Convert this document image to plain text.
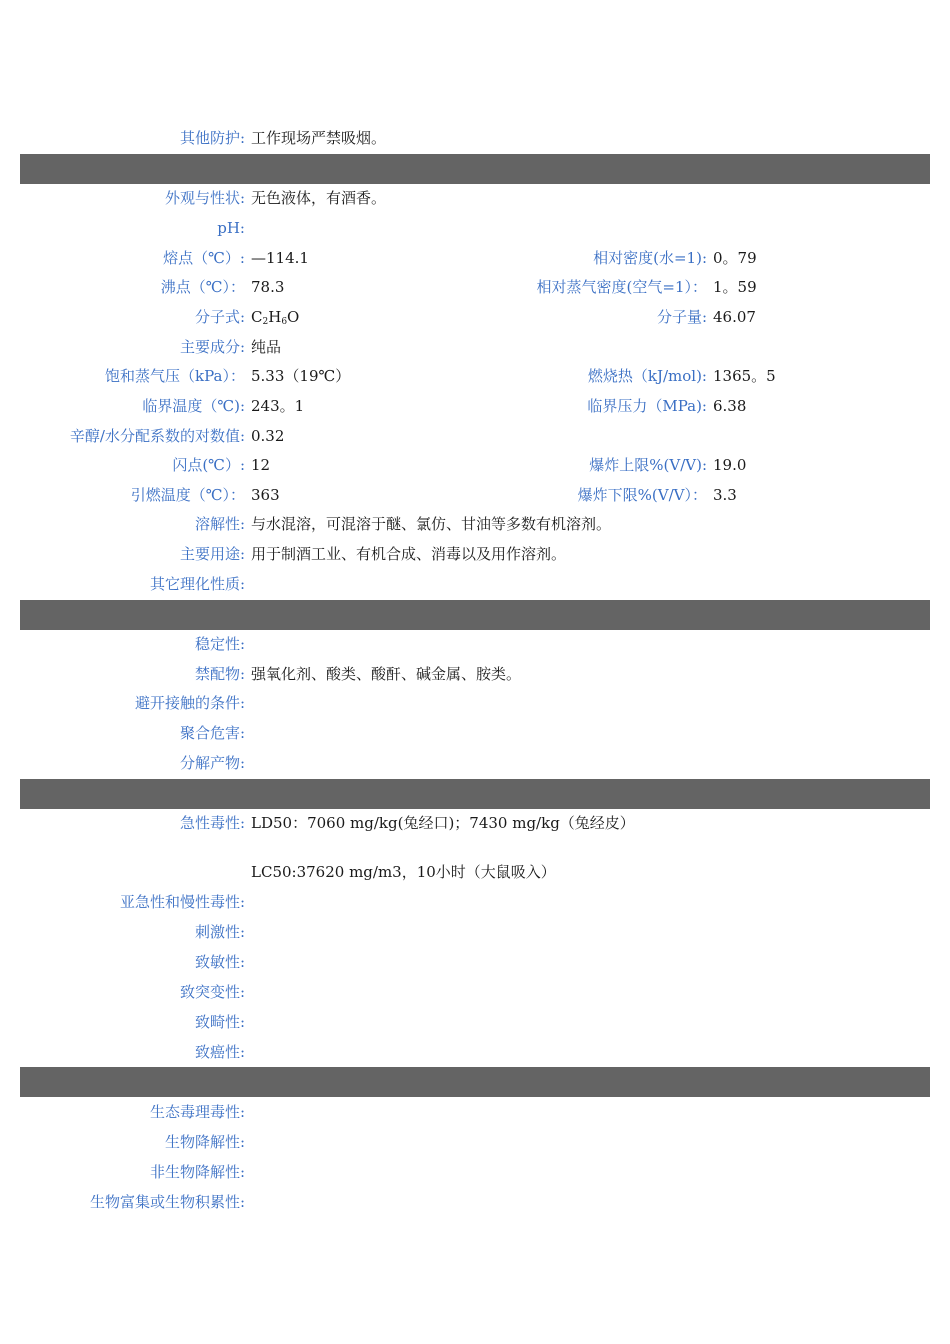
其他防护: 工作现场严禁吸烟。
外观与性状: 无色液体，有酒香。
pH:
熔点（℃）: —114.1	相对密度(水=1): 0。79
沸点（℃）： 78.3	相对蒸气密度(空气=1）： 1。59
分子式: $C_2H_6O$	分子量: 46.07
主要成分: 纯品
饱和蒸气压（kPa）： 5.33（19℃）	燃烧热（kJ/mol): 1365。5
临界温度（℃): 243。1	临界压力（MPa): 6.38
辛醇/水分配系数的对数值: 0.32
闪点(℃）: 12	爆炸上限%(V/V): 19.0
引燃温度（℃）： 363	爆炸下限%(V/V）： 3.3
溶解性: 与水混溶，可混溶于醚、氯仿、甘油等多数有机溶剂。
主要用途: 用于制酒工业、有机合成、消毒以及用作溶剂。
其它理化性质:
稳定性:
禁配物: 强氧化剂、酸类、酸酐、碱金属、胺类。
避开接触的条件:
聚合危害:
分解产物:
急性毒性: LD50：7060 mg/kg(兔经口)；7430 mg/kg（兔经皮）
LC50:37620 mg/m3，10小时（大鼠吸入）
亚急性和慢性毒性:
刺激性:
致敏性:
致突变性:
致畸性:
致癌性:
生态毒理毒性:
生物降解性:
非生物降解性:
生物富集或生物积累性:
